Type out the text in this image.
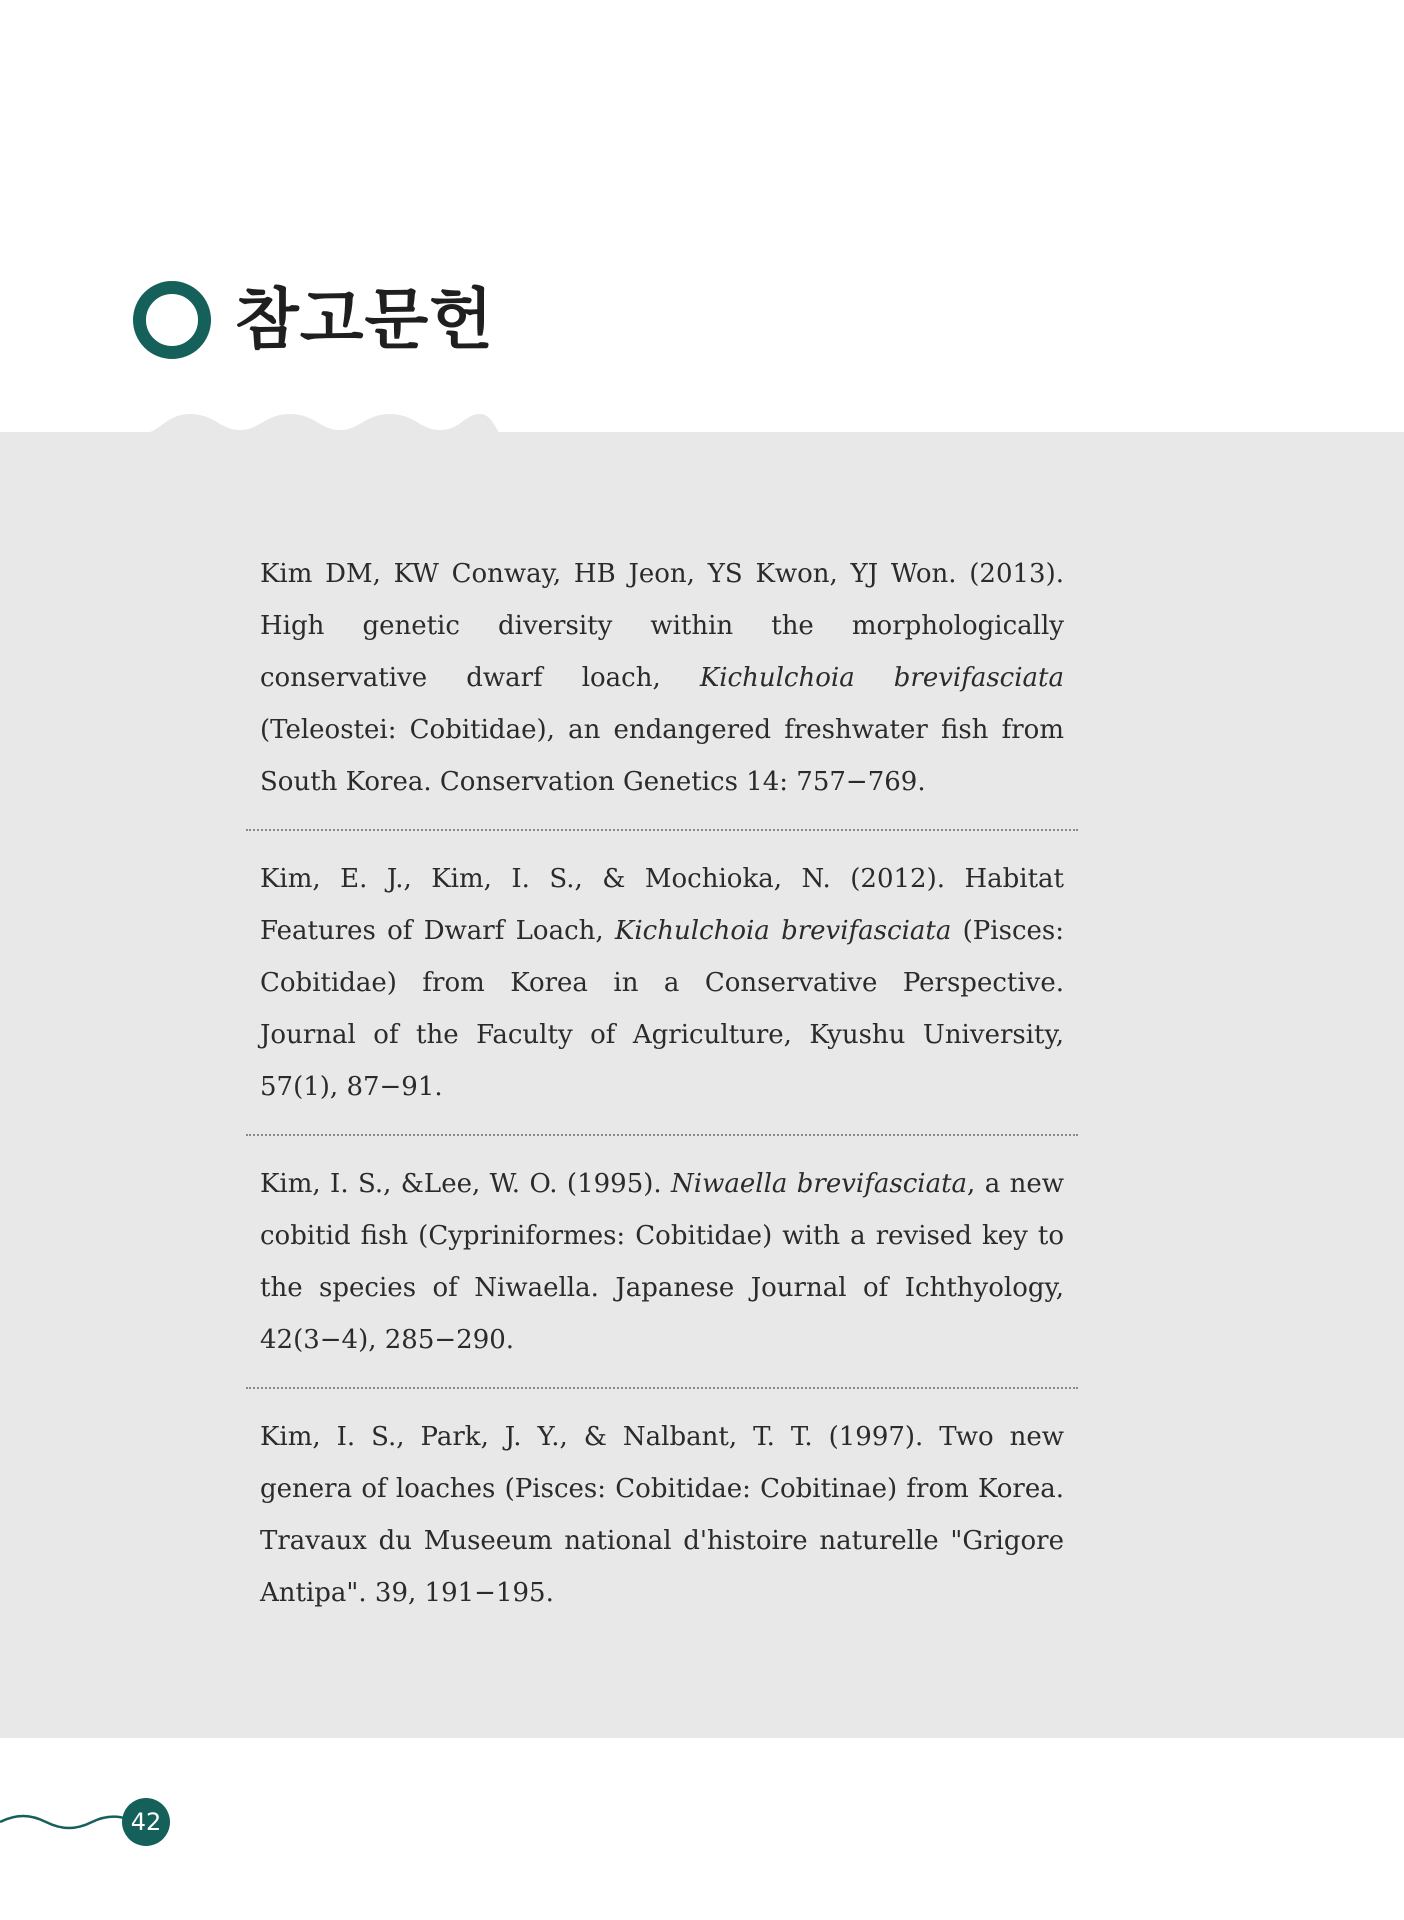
참고문헌

Kim DM, KW Conway, HB Jeon, YS Kwon, YJ Won. (2013). High genetic diversity within the morphologically conservative dwarf loach, Kichulchoia brevifasciata (Teleostei: Cobitidae), an endangered freshwater fish from South Korea. Conservation Genetics 14: 757−769.

Kim, E. J., Kim, I. S., & Mochioka, N. (2012). Habitat Features of Dwarf Loach, Kichulchoia brevifasciata (Pisces: Cobitidae) from Korea in a Conservative Perspective. Journal of the Faculty of Agriculture, Kyushu University, 57(1), 87−91.

Kim, I. S., &Lee, W. O. (1995). Niwaella brevifasciata, a new cobitid fish (Cypriniformes: Cobitidae) with a revised key to the species of Niwaella. Japanese Journal of Ichthyology, 42(3−4), 285−290.

Kim, I. S., Park, J. Y., & Nalbant, T. T. (1997). Two new genera of loaches (Pisces: Cobitidae: Cobitinae) from Korea. Travaux du Museeum national d'histoire naturelle "Grigore Antipa". 39, 191−195.

42
